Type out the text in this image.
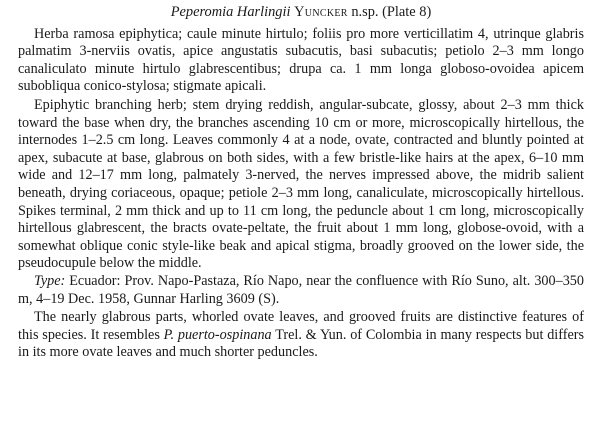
Peperomia Harlingii Yuncker n.sp. (Plate 8)

Herba ramosa epiphytica; caule minute hirtulo; foliis pro more verticillatim 4, utrinque glabris palmatim 3-nerviis ovatis, apice angustatis subacutis, basi subacutis; petiolo 2–3 mm longo canaliculato minute hirtulo glabrescentibus; drupa ca. 1 mm longa globoso-ovoidea apicem subobliqua conico-stylosa; stigmate apicali.

Epiphytic branching herb; stem drying reddish, angular-subcate, glossy, about 2–3 mm thick toward the base when dry, the branches ascending 10 cm or more, microscopically hirtellous, the internodes 1–2.5 cm long. Leaves commonly 4 at a node, ovate, contracted and bluntly pointed at apex, subacute at base, glabrous on both sides, with a few bristle-like hairs at the apex, 6–10 mm wide and 12–17 mm long, palmately 3-nerved, the nerves impressed above, the midrib salient beneath, drying coriaceous, opaque; petiole 2–3 mm long, canaliculate, microscopically hirtellous. Spikes terminal, 2 mm thick and up to 11 cm long, the peduncle about 1 cm long, microscopically hirtellous glabrescent, the bracts ovate-peltate, the fruit about 1 mm long, globose-ovoid, with a somewhat oblique conic style-like beak and apical stigma, broadly grooved on the lower side, the pseudocupule below the middle.

Type: Ecuador: Prov. Napo-Pastaza, Río Napo, near the confluence with Río Suno, alt. 300–350 m, 4–19 Dec. 1958, Gunnar Harling 3609 (S).

The nearly glabrous parts, whorled ovate leaves, and grooved fruits are distinctive features of this species. It resembles P. puerto-ospinana Trel. & Yun. of Colombia in many respects but differs in its more ovate leaves and much shorter peduncles.
